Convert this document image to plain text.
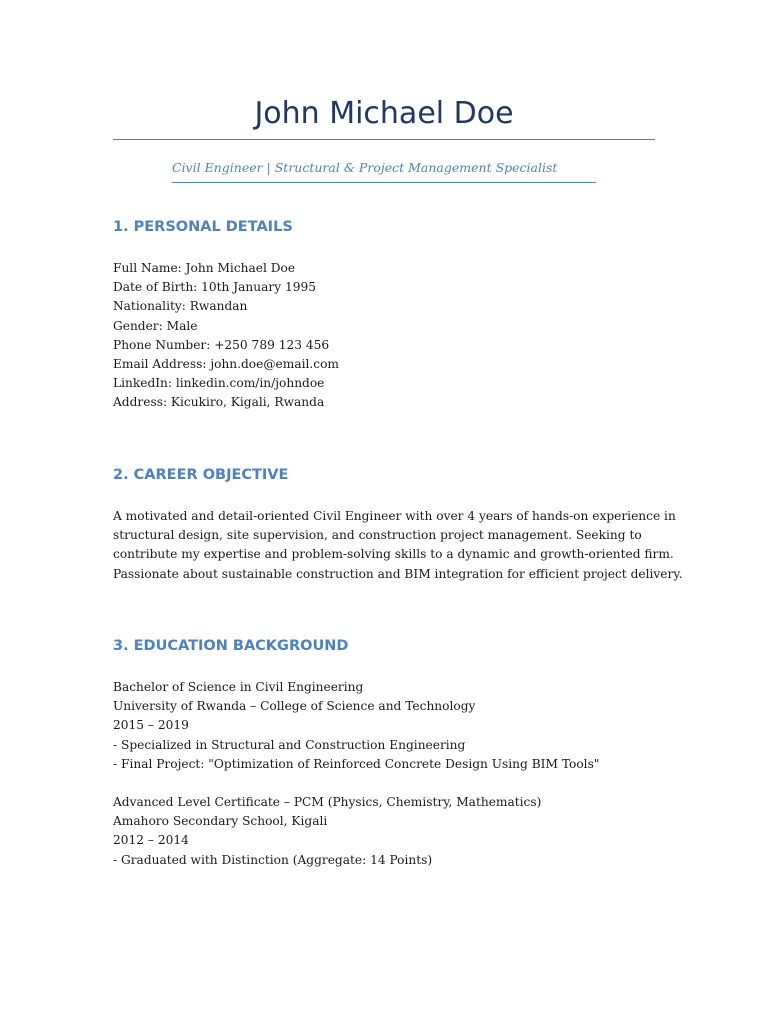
John Michael Doe
Civil Engineer | Structural & Project Management Specialist
1. PERSONAL DETAILS
Full Name: John Michael Doe
Date of Birth: 10th January 1995
Nationality: Rwandan
Gender: Male
Phone Number: +250 789 123 456
Email Address: john.doe@email.com
LinkedIn: linkedin.com/in/johndoe
Address: Kicukiro, Kigali, Rwanda
2. CAREER OBJECTIVE
A motivated and detail-oriented Civil Engineer with over 4 years of hands-on experience in
structural design, site supervision, and construction project management. Seeking to
contribute my expertise and problem-solving skills to a dynamic and growth-oriented firm.
Passionate about sustainable construction and BIM integration for efficient project delivery.
3. EDUCATION BACKGROUND
Bachelor of Science in Civil Engineering
University of Rwanda – College of Science and Technology
2015 – 2019
- Specialized in Structural and Construction Engineering
- Final Project: "Optimization of Reinforced Concrete Design Using BIM Tools"
Advanced Level Certificate – PCM (Physics, Chemistry, Mathematics)
Amahoro Secondary School, Kigali
2012 – 2014
- Graduated with Distinction (Aggregate: 14 Points)
